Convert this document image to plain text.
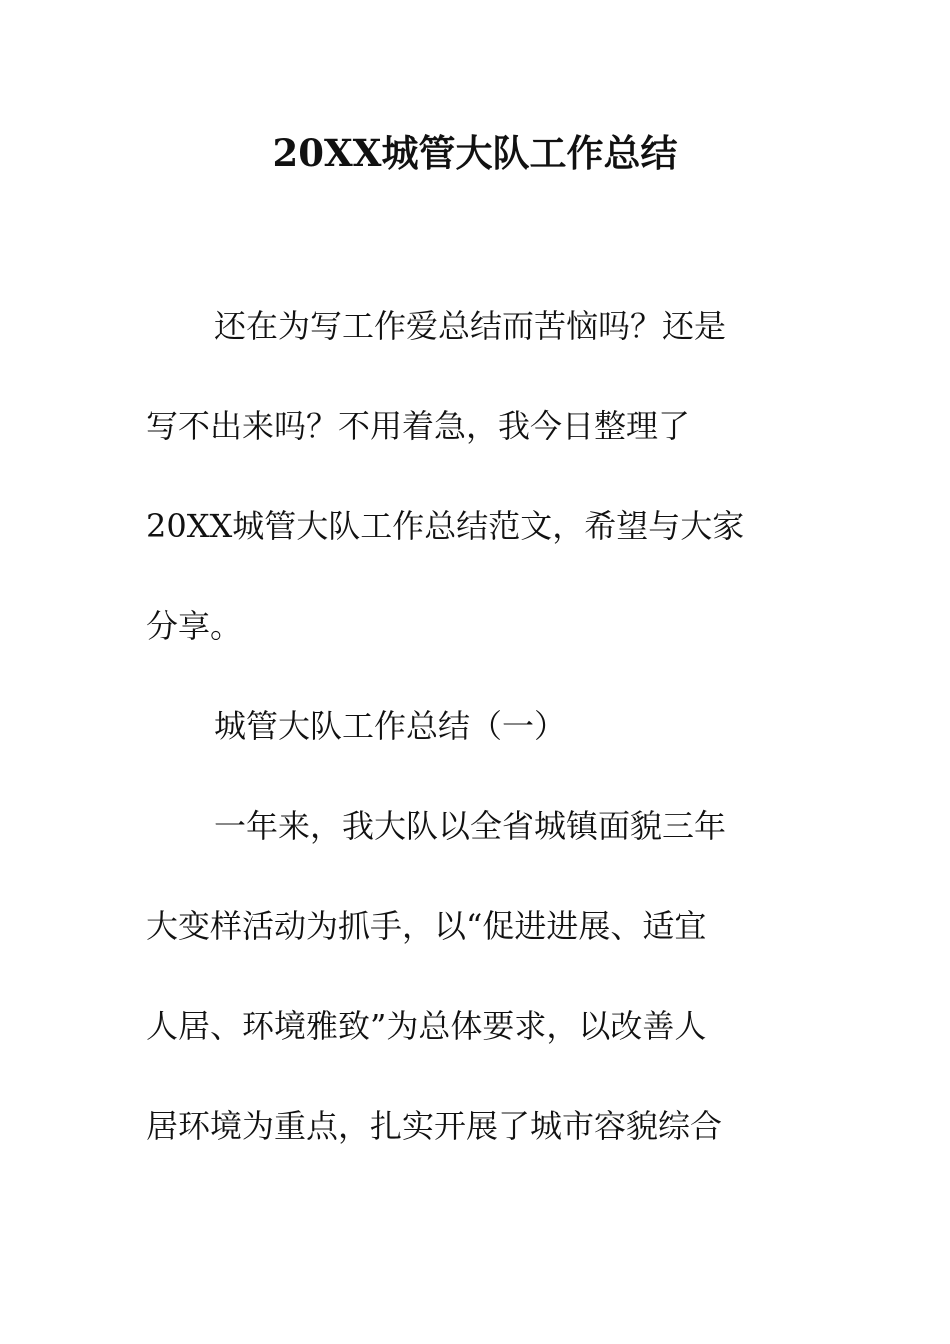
20XX城管大队工作总结
还在为写工作爱总结而苦恼吗？还是
写不出来吗？不用着急，我今日整理了
20XX城管大队工作总结范文，希望与大家
分享。
城管大队工作总结（一）
一年来，我大队以全省城镇面貌三年
大变样活动为抓手，以“促进进展、适宜
人居、环境雅致”为总体要求，以改善人
居环境为重点，扎实开展了城市容貌综合
